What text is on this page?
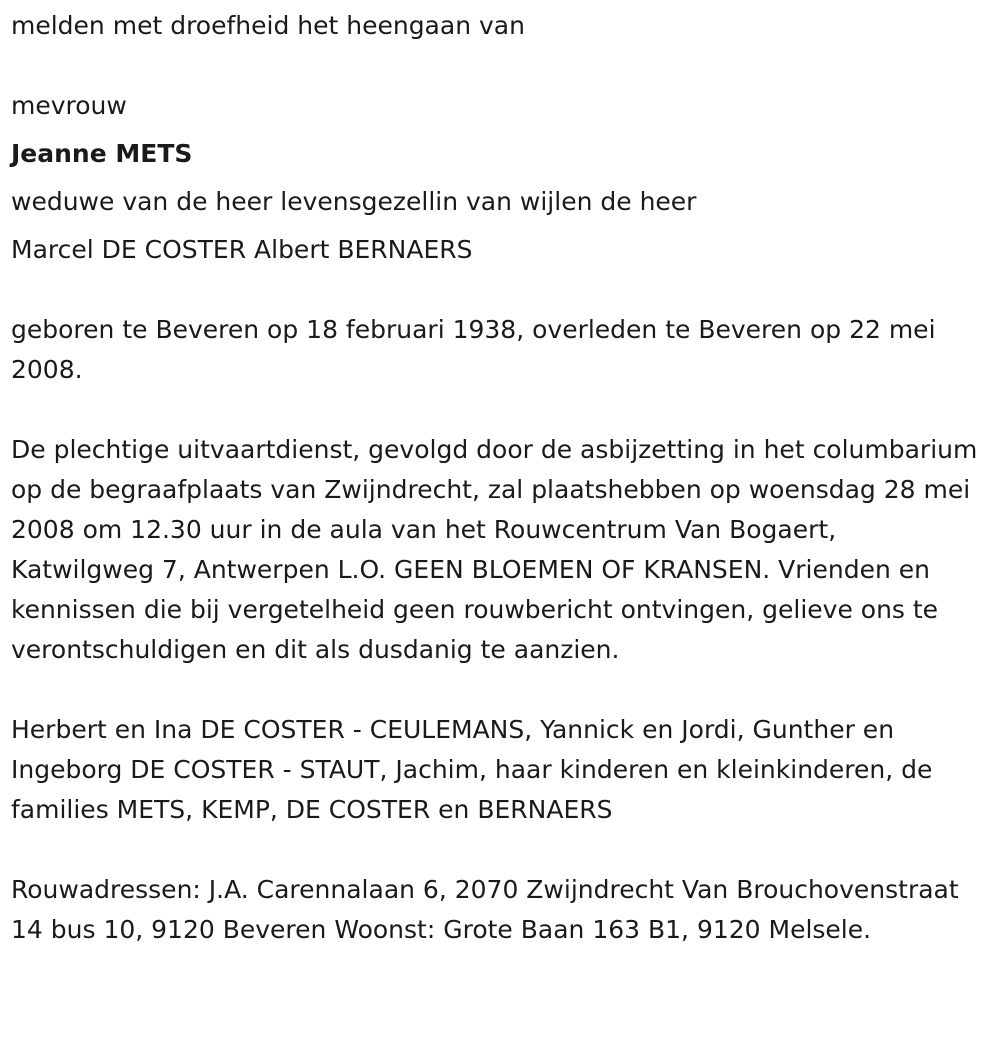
melden met droefheid het heengaan van

mevrouw

Jeanne METS

weduwe van de heer levensgezellin van wijlen de heer

Marcel DE COSTER Albert BERNAERS

geboren te Beveren op 18 februari 1938, overleden te Beveren op 22 mei 2008.

De plechtige uitvaartdienst, gevolgd door de asbijzetting in het columbarium op de begraafplaats van Zwijndrecht, zal plaatshebben op woensdag 28 mei 2008 om 12.30 uur in de aula van het Rouwcentrum Van Bogaert, Katwilgweg 7, Antwerpen L.O. GEEN BLOEMEN OF KRANSEN. Vrienden en kennissen die bij vergetelheid geen rouwbericht ontvingen, gelieve ons te verontschuldigen en dit als dusdanig te aanzien.

Herbert en Ina DE COSTER - CEULEMANS, Yannick en Jordi, Gunther en Ingeborg DE COSTER - STAUT, Jachim, haar kinderen en kleinkinderen, de families METS, KEMP, DE COSTER en BERNAERS

Rouwadressen: J.A. Carennalaan 6, 2070 Zwijndrecht Van Brouchovenstraat 14 bus 10, 9120 Beveren Woonst: Grote Baan 163 B1, 9120 Melsele.
